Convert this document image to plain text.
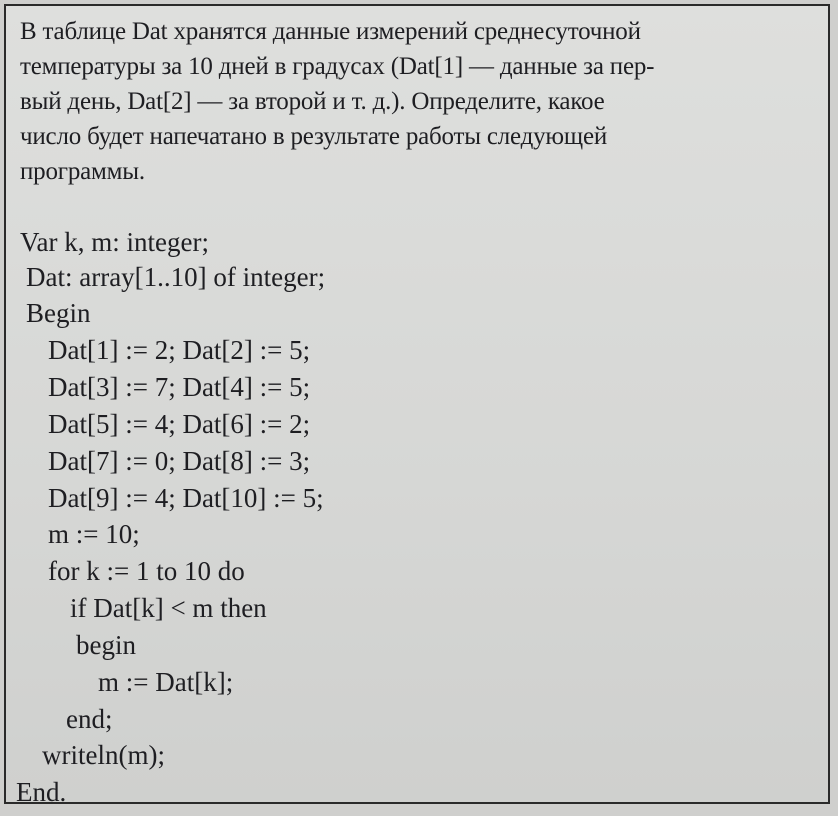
В таблице Dat хранятся данные измерений среднесуточной
температуры за 10 дней в градусах (Dat[1] — данные за пер-
вый день, Dat[2] — за второй и т. д.). Определите, какое
число будет напечатано в результате работы следующей
программы.
Var k, m: integer;
Dat: array[1..10] of integer;
Begin
Dat[1] := 2; Dat[2] := 5;
Dat[3] := 7; Dat[4] := 5;
Dat[5] := 4; Dat[6] := 2;
Dat[7] := 0; Dat[8] := 3;
Dat[9] := 4; Dat[10] := 5;
m := 10;
for k := 1 to 10 do
if Dat[k] < m then
begin
m := Dat[k];
end;
writeln(m);
End.
